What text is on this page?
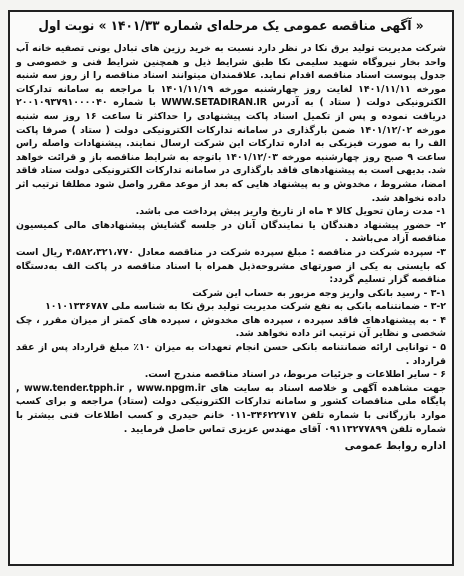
« آگهی مناقصه عمومی یک مرحله‌ای شماره ۱۴۰۱/۳۳ » نوبت اول

شرکت مدیریت تولید برق نکا در نظر دارد نسبت به خرید رزین های تبادل یونی تصفیه خانه آب واحد بخار نیروگاه شهید سلیمی نکا طبق شرایط ذیل و همچنین شرایط فنی و خصوصی و جدول پیوست اسناد مناقصه اقدام نماید. علاقمندان میتوانند اسناد مناقصه را از روز سه شنبه مورخه ۱۴۰۱/۱۱/۱۱ لغایت روز چهارشنبه مورخه ۱۴۰۱/۱۱/۱۹ با مراجعه به سامانه تدارکات الکترونیکی دولت ( ستاد ) به آدرس WWW.SETADIRAN.IR با شماره ۲۰۰۱۰۹۳۷۹۱۰۰۰۰۴۰ دریافت نموده و پس از تکمیل اسناد پاکت پیشنهادی را حداکثر تا ساعت ۱۶ روز سه شنبه مورخه ۱۴۰۱/۱۲/۰۲ ضمن بارگذاری در سامانه تدارکات الکترونیکی دولت ( ستاد ) صرفا پاکت الف را به صورت فیزیکی به اداره تدارکات این شرکت ارسال نمایند. پیشنهادات واصله راس ساعت ۹ صبح روز چهارشنبه مورخه ۱۴۰۱/۱۲/۰۳ باتوجه به شرایط مناقصه باز و قرائت خواهد شد. بدیهی است به پیشنهادهای فاقد بارگذاری در سامانه تدارکات الکترونیکی دولت ستاد فاقد امضا، مشروط ، مخدوش و به پیشنهاد هایی که بعد از موعد مقرر واصل شود مطلقا ترتیب اثر داده نخواهد شد.

۱- مدت زمان تحویل کالا ۴ ماه از تاریخ واریز پیش پرداخت می باشد.

۲- حضور پیشنهاد دهندگان یا نمایندگان آنان در جلسه گشایش پیشنهادهای مالی کمیسیون مناقصه آزاد می‌باشد .

۳- سپرده شرکت در مناقصه : مبلغ سپرده شرکت در مناقصه معادل ۴،۵۸۲،۳۲۱،۷۷۰ ریال است که بایستی به یکی از صورتهای مشروحه‌ذیل همراه با اسناد مناقصه در پاکت الف به‌دستگاه مناقصه گزار تسلیم گردد:

۳-۱ - رسید بانکی واریز وجه مزبور به حساب این شرکت

۳-۲ - ضمانتنامه بانکی به نفع شرکت مدیریت تولید برق نکا به شناسه ملی ۱۰۱۰۱۳۳۶۷۸۷

۴ - به پیشنهادهای فاقد سپرده ، سپرده های مخدوش ، سپرده های کمتر از میزان مقرر ، چک شخصی و نظایر آن ترتیب اثر داده نخواهد شد.

۵ - توانایی ارائه ضمانتنامه بانکی حسن انجام تعهدات به میزان ۱۰٪ مبلغ قرارداد پس از عقد قرارداد .

۶ - سایر اطلاعات و جزئیات مربوط، در اسناد مناقصه مندرج است.

جهت مشاهده آگهی و خلاصه اسناد به سایت های www.tender.tpph.ir , www.npgm.ir , پایگاه ملی مناقصات کشور و سامانه تدارکات الکترونیکی دولت (ستاد) مراجعه و برای کسب موارد بازرگانی با شماره تلفن ۳۴۶۲۲۷۱۷-۰۱۱ خانم حیدری و کسب اطلاعات فنی بیشتر با شماره تلفن ۰۹۱۱۳۲۷۷۸۹۹ آقای مهندس عزیزی تماس حاصل فرمایید .

اداره روابط عمومی
